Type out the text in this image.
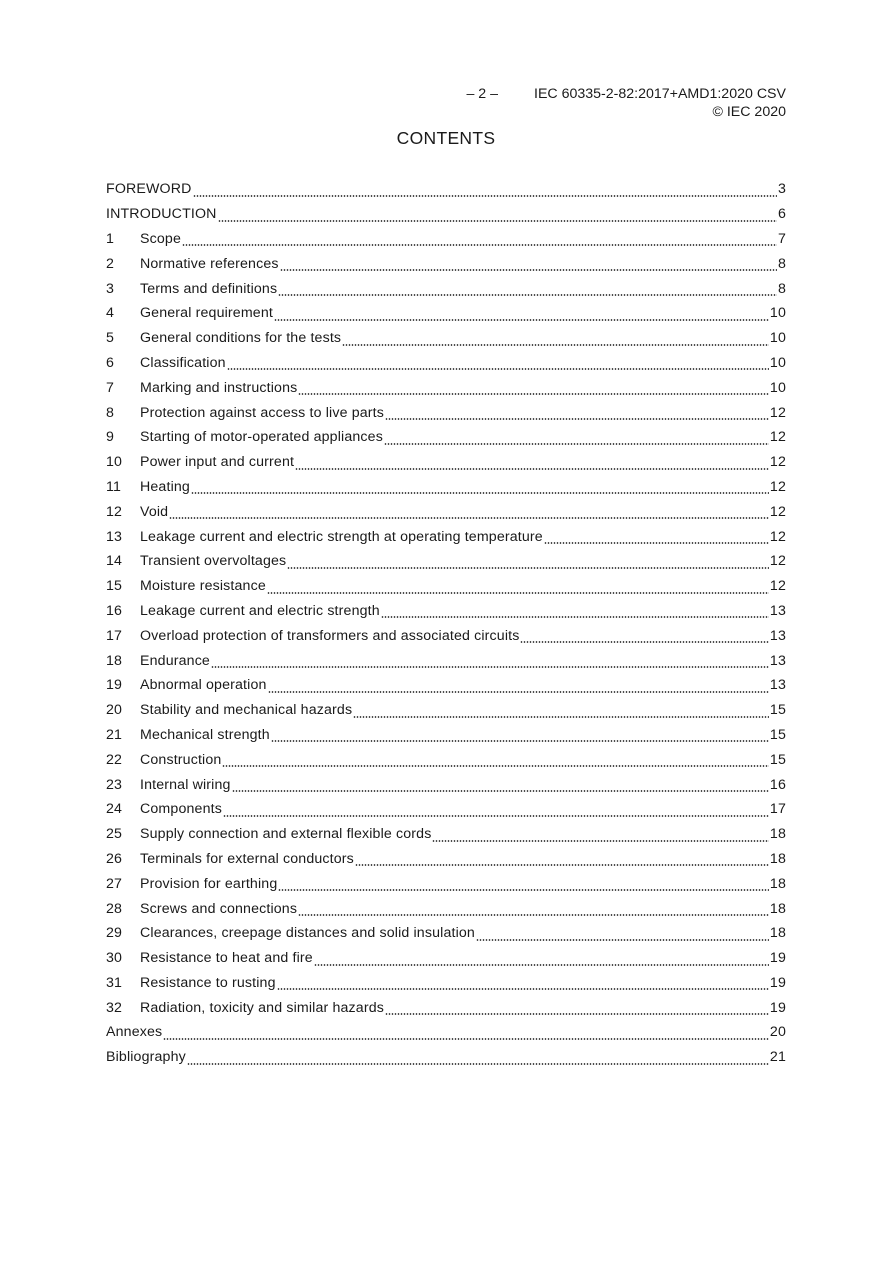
– 2 –	IEC 60335-2-82:2017+AMD1:2020 CSV
© IEC 2020
CONTENTS
FOREWORD	3
INTRODUCTION	6
1	Scope	7
2	Normative references	8
3	Terms and definitions	8
4	General requirement	10
5	General conditions for the tests	10
6	Classification	10
7	Marking and instructions	10
8	Protection against access to live parts	12
9	Starting of motor-operated appliances	12
10	Power input and current	12
11	Heating	12
12	Void	12
13	Leakage current and electric strength at operating temperature	12
14	Transient overvoltages	12
15	Moisture resistance	12
16	Leakage current and electric strength	13
17	Overload protection of transformers and associated circuits	13
18	Endurance	13
19	Abnormal operation	13
20	Stability and mechanical hazards	15
21	Mechanical strength	15
22	Construction	15
23	Internal wiring	16
24	Components	17
25	Supply connection and external flexible cords	18
26	Terminals for external conductors	18
27	Provision for earthing	18
28	Screws and connections	18
29	Clearances, creepage distances and solid insulation	18
30	Resistance to heat and fire	19
31	Resistance to rusting	19
32	Radiation, toxicity and similar hazards	19
Annexes	20
Bibliography	21
